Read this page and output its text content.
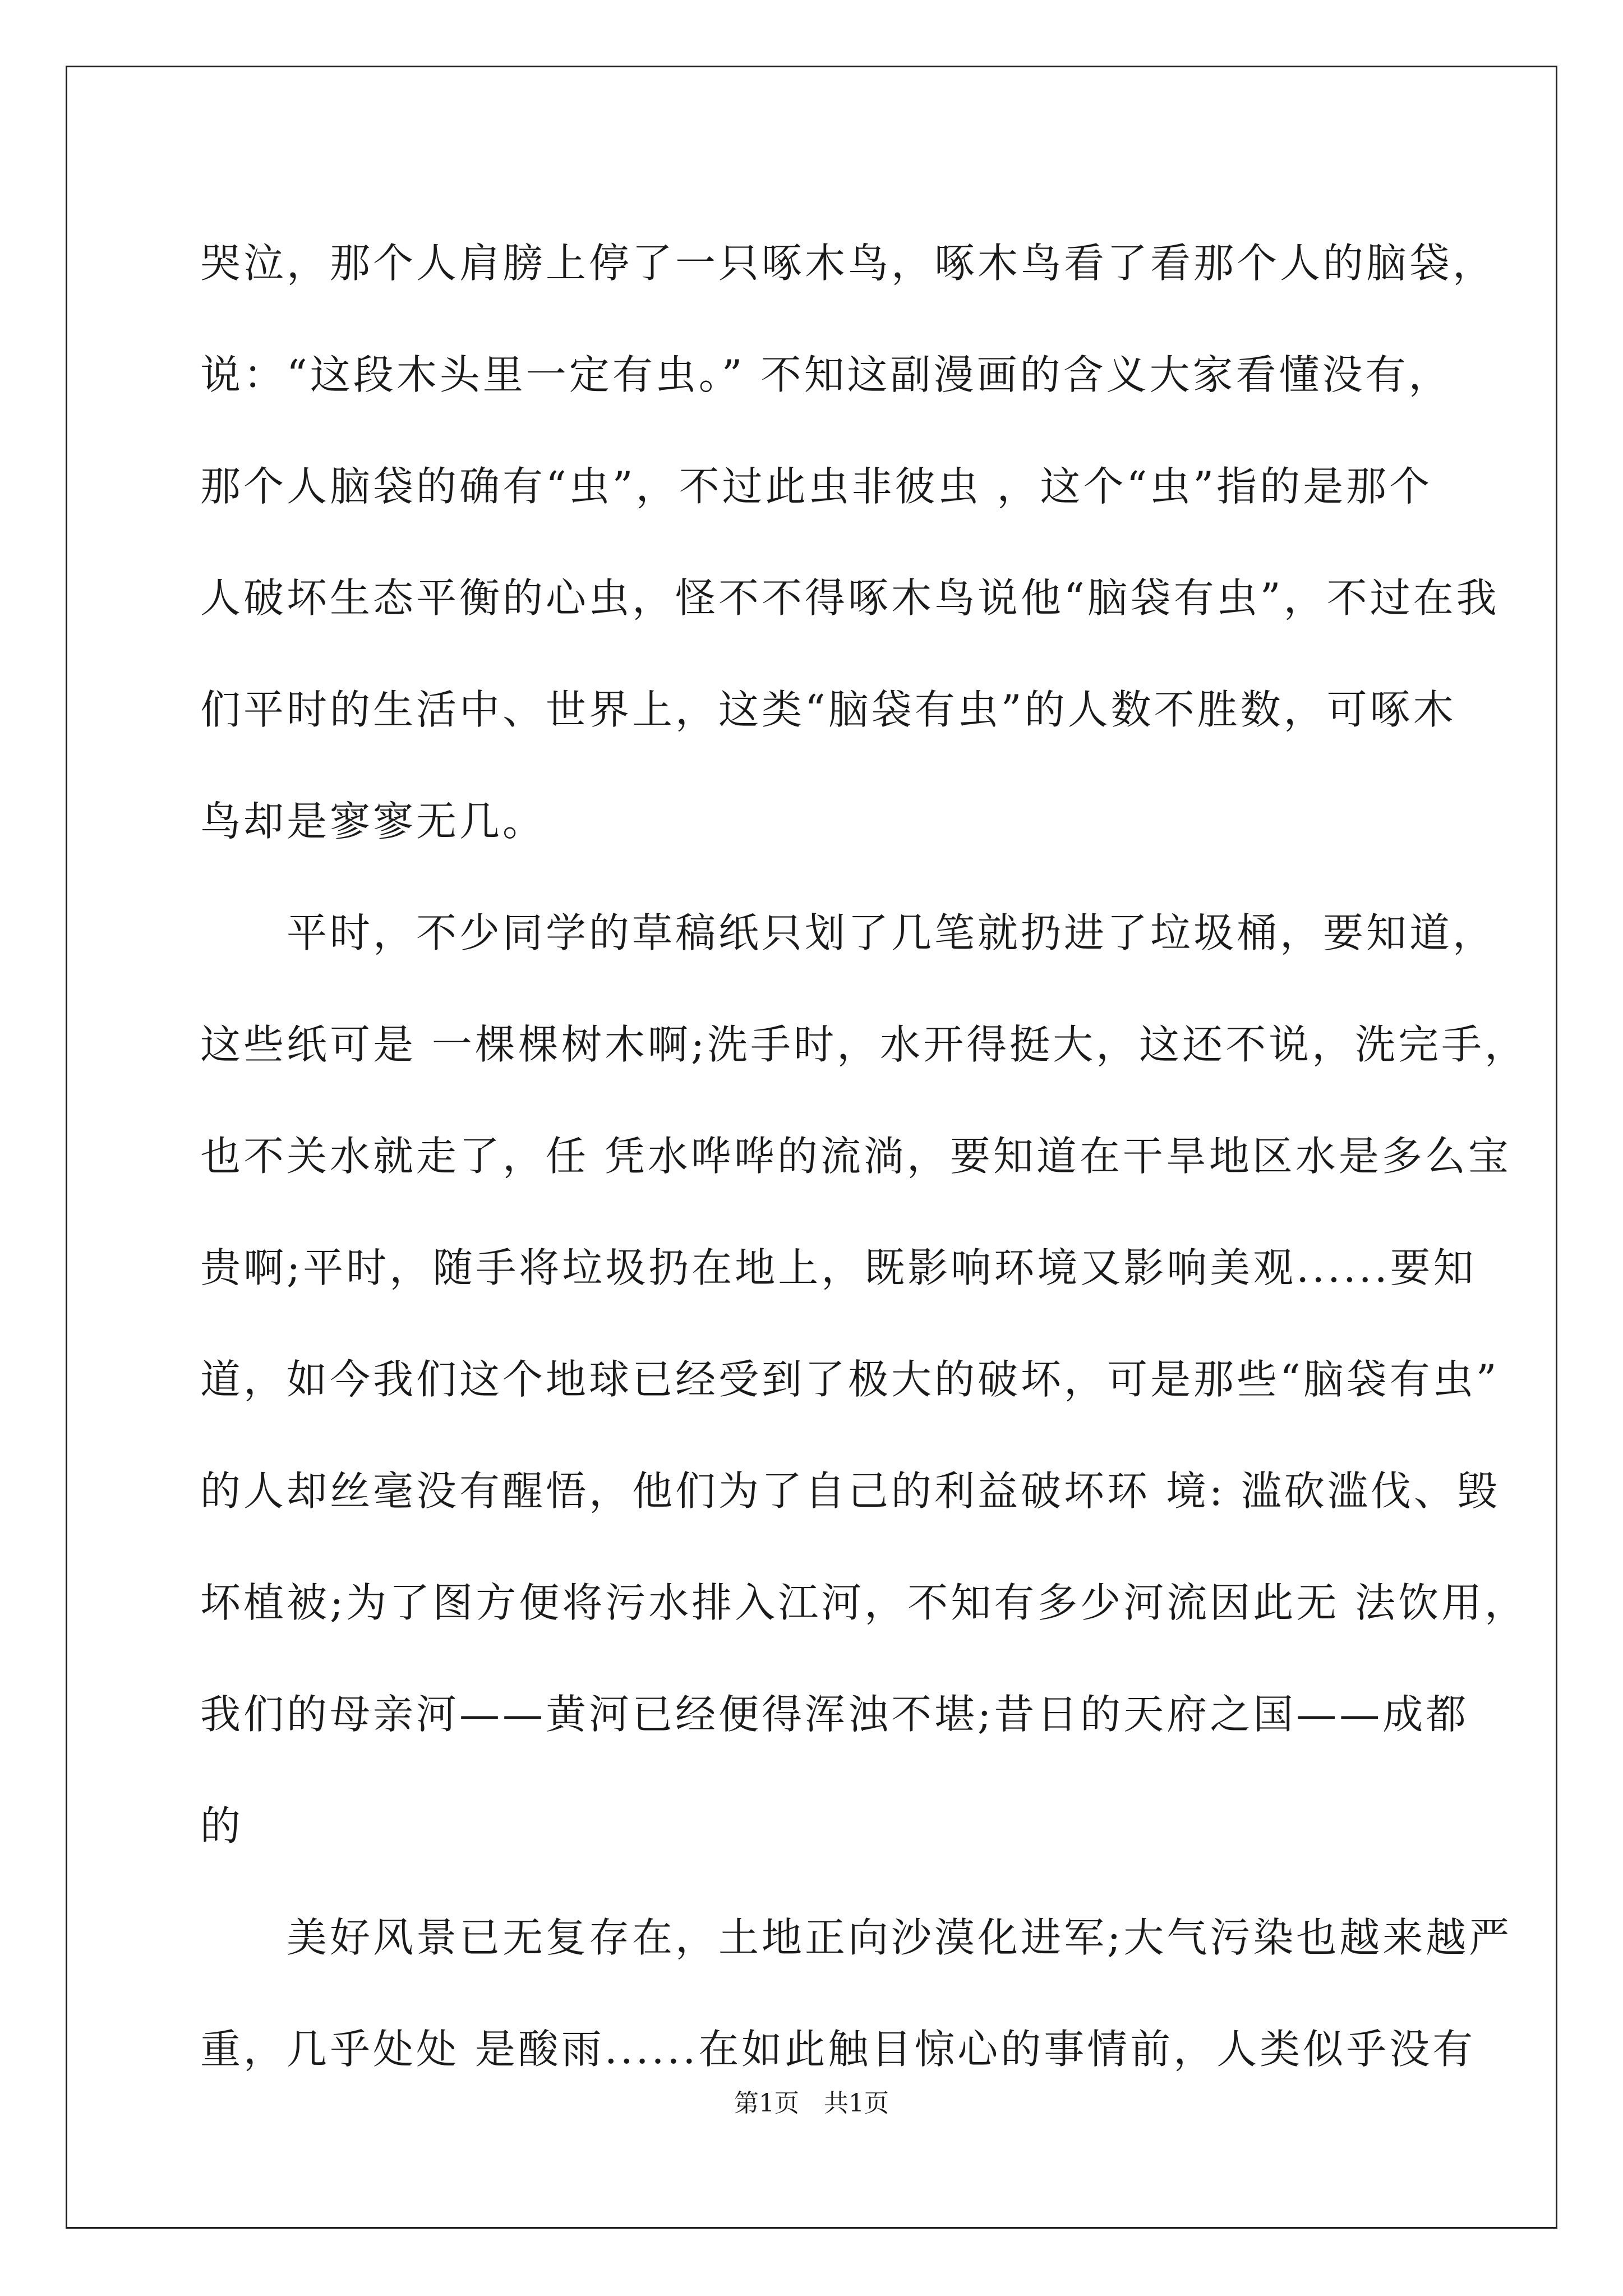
哭泣，那个人肩膀上停了一只啄木鸟，啄木鸟看了看那个人的脑袋，
说：“这段木头里一定有虫。” 不知这副漫画的含义大家看懂没有，
那个人脑袋的确有“虫”，不过此虫非彼虫 ，这个“虫”指的是那个
人破坏生态平衡的心虫，怪不不得啄木鸟说他“脑袋有虫”，不过在我
们平时的生活中、世界上，这类“脑袋有虫”的人数不胜数，可啄木
鸟却是寥寥无几。
　　平时，不少同学的草稿纸只划了几笔就扔进了垃圾桶，要知道，
这些纸可是 一棵棵树木啊;洗手时，水开得挺大，这还不说，洗完手，
也不关水就走了，任 凭水哗哗的流淌，要知道在干旱地区水是多么宝
贵啊;平时，随手将垃圾扔在地上，既影响环境又影响美观......要知
道，如今我们这个地球已经受到了极大的破坏，可是那些“脑袋有虫”
的人却丝毫没有醒悟，他们为了自己的利益破坏环 境: 滥砍滥伐、毁
坏植被;为了图方便将污水排入江河，不知有多少河流因此无 法饮用，
我们的母亲河——黄河已经便得浑浊不堪;昔日的天府之国——成都
的
　　美好风景已无复存在，土地正向沙漠化进军;大气污染也越来越严
重，几乎处处 是酸雨......在如此触目惊心的事情前，人类似乎没有
第1页　共1页
